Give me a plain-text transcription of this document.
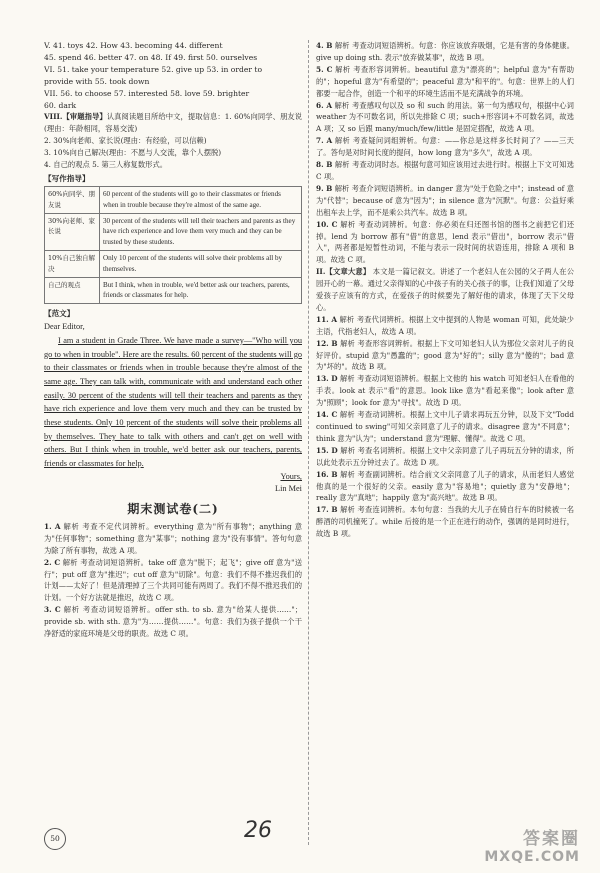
V. 41. toys 42. How 43. becoming 44. different
45. spend 46. better 47. on 48. If 49. first 50. ourselves
VI. 51. take your temperature 52. give up 53. in order to
provide with 55. took down
VII. 56. to choose 57. interested 58. love 59. brighter
60. dark

VIII.【审题指导】认真阅读题目所给中文，提取信息：1. 60%向同学、朋友说(理由：年龄相同，容易交流)

2. 30%向老师、家长说(理由：有经验，可以信赖)
3. 10%向自己解决(理由：不愿与人交流，靠个人摆脱)
4. 自己的观点 5. 第三人称复数形式。
【写作指导】
60%向同学、朋友说	60 percent of the students will go to their classmates or friends when in trouble because they're almost of the same age.
30%向老师、家长说	30 percent of the students will tell their teachers and parents as they have rich experience and love them very much and they can be trusted by these students.
10%自己独自解决	Only 10 percent of the students will solve their problems all by themselves.
自己的观点	But I think, when in trouble, we'd better ask our teachers, parents, friends or classmates for help.
【范文】
Dear Editor,

I am a student in Grade Three. We have made a survey—"Who will you go to when in trouble". Here are the results. 60 percent of the students will go to their classmates or friends when in trouble because they're almost of the same age. They can talk with, communicate with and understand each other easily. 30 percent of the students will tell their teachers and parents as they have rich experience and love them very much and they can be trusted by these students. Only 10 percent of the students will solve their problems all by themselves. They hate to talk with others and can't get on well with others. But I think when in trouble, we'd better ask our teachers, parents, friends or classmates for help.

Yours,
Lin Mei
期末测试卷(二)

1. A 解析 考查不定代词辨析。everything 意为"所有事物"；anything 意为"任何事物"；something 意为"某事"；nothing 意为"没有事情"。答句句意为除了所有事物，故选 A 项。

2. C 解析 考查动词短语辨析。take off 意为"脱下；起飞"；give off 意为"送行"；put off 意为"推迟"；cut off 意为"切除"。句意：我们不得不推迟我们的计划——太好了！但是清理掉了三个共同可能有两周了。我们不得不推迟我们的计划。一个好方法就是推迟，故选 C 项。

3. C 解析 考查动词短语辨析。offer sth. to sb. 意为"给某人提供……"；provide sb. with sth. 意为"为……提供……"。句意：我们为孩子提供一个干净舒适的家庭环境是父母的职责。故选 C 项。

4. B 解析 考查动词短语辨析。句意：你应该放弃吸烟，它是有害的身体健康。give up doing sth. 表示"放弃做某事"，故选 B 项。

5. C 解析 考查形容词辨析。beautiful 意为"漂亮的"；helpful 意为"有帮助的"；hopeful 意为"有希望的"；peaceful 意为"和平的"。句意：世界上的人们都要一起合作，创造一个和平的环境生活而不是充满战争的环境。

6. A 解析 考查感叹句以及 so 和 such 的用法。第一句为感叹句，根据中心词 weather 为不可数名词，所以先排除 C 项；such+形容词+不可数名词，故选 A 项；又 so 后跟 many/much/few/little 是固定搭配，故选 A 项。

7. A 解析 考查疑问词组辨析。句意：——你总是这样多长时间了？——三天了。答句是对时间长度的提问，how long 意为"多久"，故选 A 项。

8. B 解析 考查动词时态。根据句意可知应该用过去进行时。根据上下文可知选 C 项。

9. B 解析 考查介词短语辨析。in danger 意为"处于危险之中"；instead of 意为"代替"；because of 意为"因为"；in silence 意为"沉默"。句意：公益好乘出租车去上学，而不是乘公共汽车。故选 B 项。

10. C 解析 考查动词辨析。句意：你必须在归还图书馆的图书之前把它们还掉。lend 为 borrow 都有"借"的意思，lend 表示"借出"，borrow 表示"借入"，两者都是短暂性动词，不能与表示一段时间的状语连用，排除 A 项和 B 项。故选 C 项。

II.【文章大意】 本文是一篇记叙文。讲述了一个老妇人在公园的父子两人在公园开心的一幕。通过父亲得知的心中孩子有的关心孩子的事，让我们知道了父母爱孩子应该有的方式，在爱孩子的时候要先了解好他的请求，体现了天下父母心。

11. A 解析 考查代词辨析。根据上文中提到的人物是 woman 可知，此处缺少主语，代指老妇人，故选 A 项。

12. B 解析 考查形容词辨析。根据上下文可知老妇人认为那位父亲对儿子的良好评价。stupid 意为"愚蠢的"；good 意为"好的"；silly 意为"傻的"；bad 意为"坏的"。故选 B 项。

13. D 解析 考查动词短语辨析。根据上文他的 his watch 可知老妇人在看他的手表。look at 表示"看"的意思。look like 意为"看起来像"；look after 意为"照顾"；look for 意为"寻找"。故选 D 项。

14. C 解析 考查动词辨析。根据上文中儿子请求再玩五分钟，以及下文"Todd continued to swing"可知父亲同意了儿子的请求。disagree 意为"不同意"；think 意为"认为"；understand 意为"理解、懂得"。故选 C 项。

15. D 解析 考查名词辨析。根据上文中父亲同意了儿子再玩五分钟的请求，所以此处表示五分钟过去了。故选 D 项。

16. B 解析 考查副词辨析。结合前文父亲同意了儿子的请求，从而老妇人感觉他真的是一个很好的父亲。easily 意为"容易地"；quietly 意为"安静地"；really 意为"真地"；happily 意为"高兴地"。故选 B 项。

17. B 解析 考查连词辨析。本句句意：当我的大儿子在骑自行车的时候被一名醉酒的司机撞死了。while 后接的是一个正在进行的动作，强调的是同时进行，故选 B 项。

50	26	答案圈
MXQE.COM
